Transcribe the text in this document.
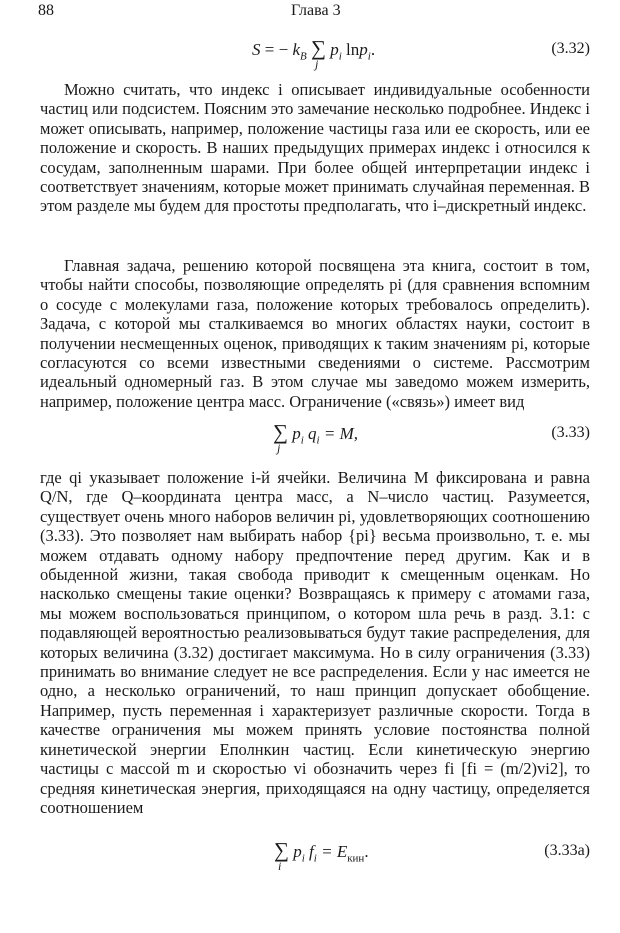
88	Глава 3
S = − $k_B$ ∑
j
$p_i$ lnp$_i$.	(3.32)

Можно считать, что индекс i описывает индивидуальные особенности частиц или подсистем. Поясним это замечание несколько подробнее. Индекс i может описывать, например, положение частицы газа или ее скорость, или ее положение и скорость. В наших предыдущих примерах индекс i относился к сосудам, заполненным шарами. При более общей интерпретации индекс i соответствует значениям, которые может принимать случайная переменная. В этом разделе мы будем для простоты предполагать, что i–дискретный индекс.

Главная задача, решению которой посвящена эта книга, состоит в том, чтобы найти способы, позволяющие определять pi (для сравнения вспомним о сосуде с молекулами газа, положение которых требовалось определить). Задача, с которой мы сталкиваемся во многих областях науки, состоит в получении несмещенных оценок, приводящих к таким значениям pi, которые согласуются со всеми известными сведениями о системе. Рассмотрим идеальный одномерный газ. В этом случае мы заведомо можем измерить, например, положение центра масс. Ограничение («связь») имеет вид

∑
j
$p_i$ $q_i = M$,	(3.33)

где qi указывает положение i-й ячейки. Величина M фиксирована и равна Q/N, где Q–координата центра масс, а N–число частиц. Разумеется, существует очень много наборов величин pi, удовлетворяющих соотношению (3.33). Это позволяет нам выбирать набор {pi} весьма произвольно, т. е. мы можем отдавать одному набору предпочтение перед другим. Как и в обыденной жизни, такая свобода приводит к смещенным оценкам. Но насколько смещены такие оценки? Возвращаясь к примеру с атомами газа, мы можем воспользоваться принципом, о котором шла речь в разд. 3.1: с подавляющей вероятностью реализовываться будут такие распределения, для которых величина (3.32) достигает максимума. Но в силу ограничения (3.33) принимать во внимание следует не все распределения. Если у нас имеется не одно, а несколько ограничений, то наш принцип допускает обобщение. Например, пусть переменная i характеризует различные скорости. Тогда в качестве ограничения мы можем принять условие постоянства полной кинетической энергии Eполнкин частиц. Если кинетическую энергию частицы с массой m и скоростью vi обозначить через fi [fi = (m/2)vi2], то средняя кинетическая энергия, приходящаяся на одну частицу, определяется соотношением

∑
i
$p_i$ $f_i = E_{кин}$.	(3.33a)
